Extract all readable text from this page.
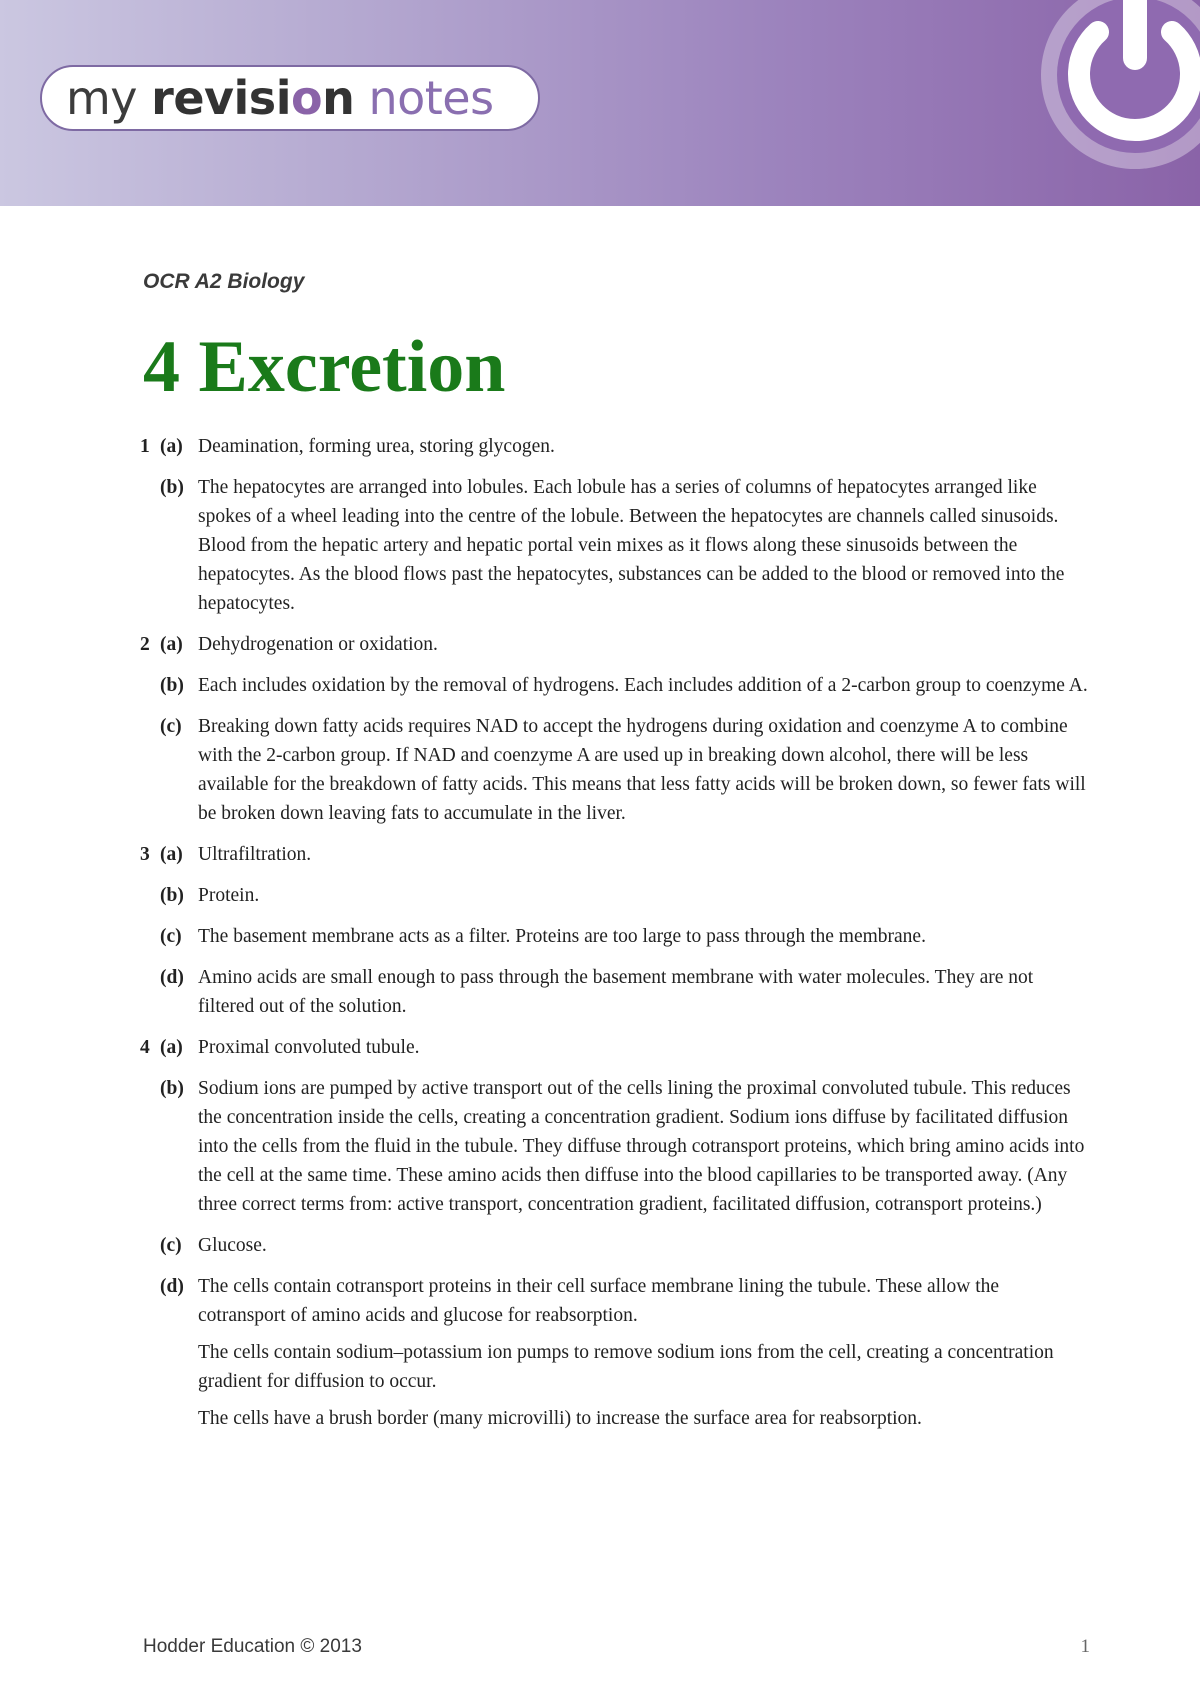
my revision notes
OCR A2 Biology
4 Excretion
1 (a) Deamination, forming urea, storing glycogen.

(b) The hepatocytes are arranged into lobules. Each lobule has a series of columns of hepatocytes arranged like spokes of a wheel leading into the centre of the lobule. Between the hepatocytes are channels called sinusoids. Blood from the hepatic artery and hepatic portal vein mixes as it flows along these sinusoids between the hepatocytes. As the blood flows past the hepatocytes, substances can be added to the blood or removed into the hepatocytes.

2 (a) Dehydrogenation or oxidation.

(b) Each includes oxidation by the removal of hydrogens. Each includes addition of a 2-carbon group to coenzyme A.

(c) Breaking down fatty acids requires NAD to accept the hydrogens during oxidation and coenzyme A to combine with the 2-carbon group. If NAD and coenzyme A are used up in breaking down alcohol, there will be less available for the breakdown of fatty acids. This means that less fatty acids will be broken down, so fewer fats will be broken down leaving fats to accumulate in the liver.

3 (a) Ultrafiltration.

(b) Protein.

(c) The basement membrane acts as a filter. Proteins are too large to pass through the membrane.

(d) Amino acids are small enough to pass through the basement membrane with water molecules. They are not filtered out of the solution.

4 (a) Proximal convoluted tubule.

(b) Sodium ions are pumped by active transport out of the cells lining the proximal convoluted tubule. This reduces the concentration inside the cells, creating a concentration gradient. Sodium ions diffuse by facilitated diffusion into the cells from the fluid in the tubule. They diffuse through cotransport proteins, which bring amino acids into the cell at the same time. These amino acids then diffuse into the blood capillaries to be transported away. (Any three correct terms from: active transport, concentration gradient, facilitated diffusion, cotransport proteins.)

(c) Glucose.

(d) The cells contain cotransport proteins in their cell surface membrane lining the tubule. These allow the cotransport of amino acids and glucose for reabsorption.

The cells contain sodium–potassium ion pumps to remove sodium ions from the cell, creating a concentration gradient for diffusion to occur.

The cells have a brush border (many microvilli) to increase the surface area for reabsorption.

Hodder Education © 2013	1
